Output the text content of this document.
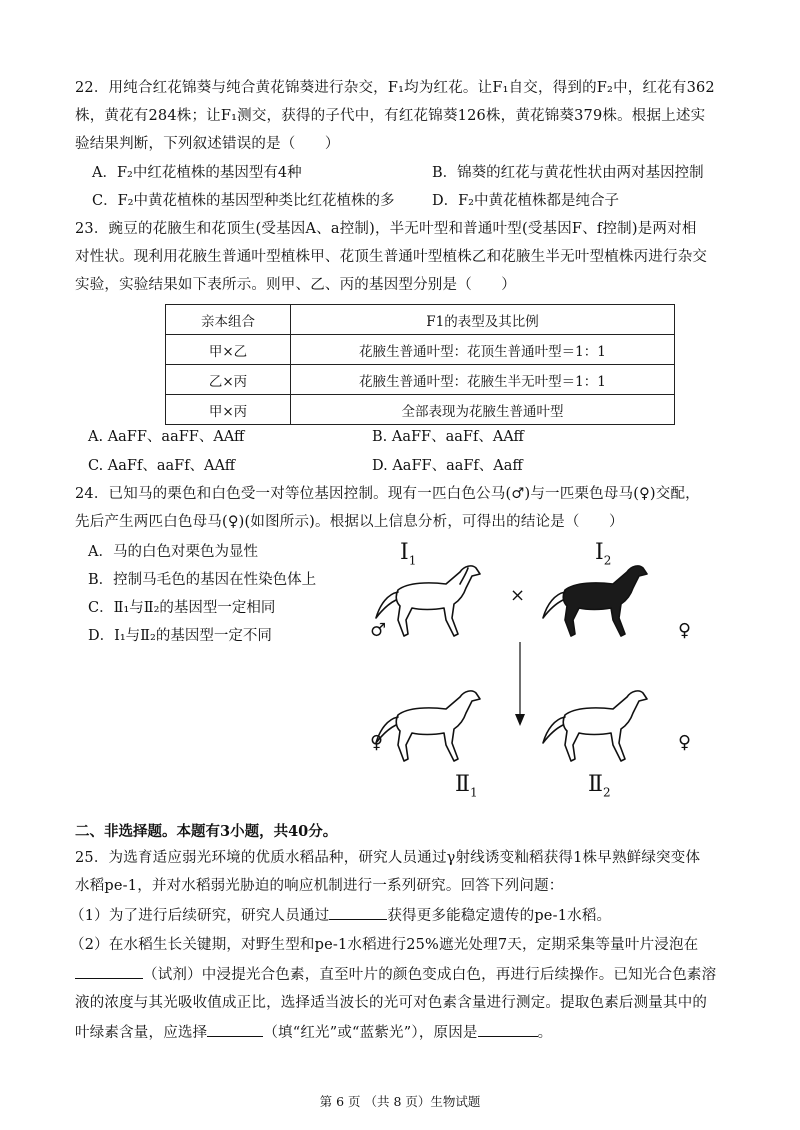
22．用纯合红花锦葵与纯合黄花锦葵进行杂交，F₁均为红花。让F₁自交，得到的F₂中，红花有362
株，黄花有284株；让F₁测交，获得的子代中，有红花锦葵126株，黄花锦葵379株。根据上述实
验结果判断，下列叙述错误的是（　　）
A．F₂中红花植株的基因型有4种	B．锦葵的红花与黄花性状由两对基因控制
C．F₂中黄花植株的基因型种类比红花植株的多	D．F₂中黄花植株都是纯合子
23．豌豆的花腋生和花顶生(受基因A、a控制)，半无叶型和普通叶型(受基因F、f控制)是两对相
对性状。现利用花腋生普通叶型植株甲、花顶生普通叶型植株乙和花腋生半无叶型植株丙进行杂交
实验，实验结果如下表所示。则甲、乙、丙的基因型分别是（　　）
亲本组合	F1的表型及其比例
甲×乙	花腋生普通叶型：花顶生普通叶型＝1：1
乙×丙	花腋生普通叶型：花腋生半无叶型＝1：1
甲×丙	全部表现为花腋生普通叶型
A. AaFF、aaFF、AAff	B. AaFF、aaFf、AAff
C. AaFf、aaFf、AAff	D. AaFF、aaFf、Aaff
24．已知马的栗色和白色受一对等位基因控制。现有一匹白色公马(♂)与一匹栗色母马(♀)交配，
先后产生两匹白色母马(♀)(如图所示)。根据以上信息分析，可得出的结论是（　　）
A．马的白色对栗色为显性
B．控制马毛色的基因在性染色体上
C．Ⅱ₁与Ⅱ₂的基因型一定相同
D．Ⅰ₁与Ⅱ₂的基因型一定不同
$Ⅰ_1$	$Ⅰ_2$
♂
×
♀
♀	♀
$Ⅱ_1$	$Ⅱ_2$
二、非选择题。本题有3小题，共40分。
25．为选育适应弱光环境的优质水稻品种，研究人员通过γ射线诱变籼稻获得1株早熟鲜绿突变体
水稻pe-1，并对水稻弱光胁迫的响应机制进行一系列研究。回答下列问题：
（1）为了进行后续研究，研究人员通过	获得更多能稳定遗传的pe-1水稻。
（2）在水稻生长关键期，对野生型和pe-1水稻进行25%遮光处理7天，定期采集等量叶片浸泡在
（试剂）中浸提光合色素，直至叶片的颜色变成白色，再进行后续操作。已知光合色素溶
液的浓度与其光吸收值成正比，选择适当波长的光可对色素含量进行测定。提取色素后测量其中的
叶绿素含量，应选择	（填“红光”或“蓝紫光”），原因是	。
第 6 页 （共 8 页）生物试题
